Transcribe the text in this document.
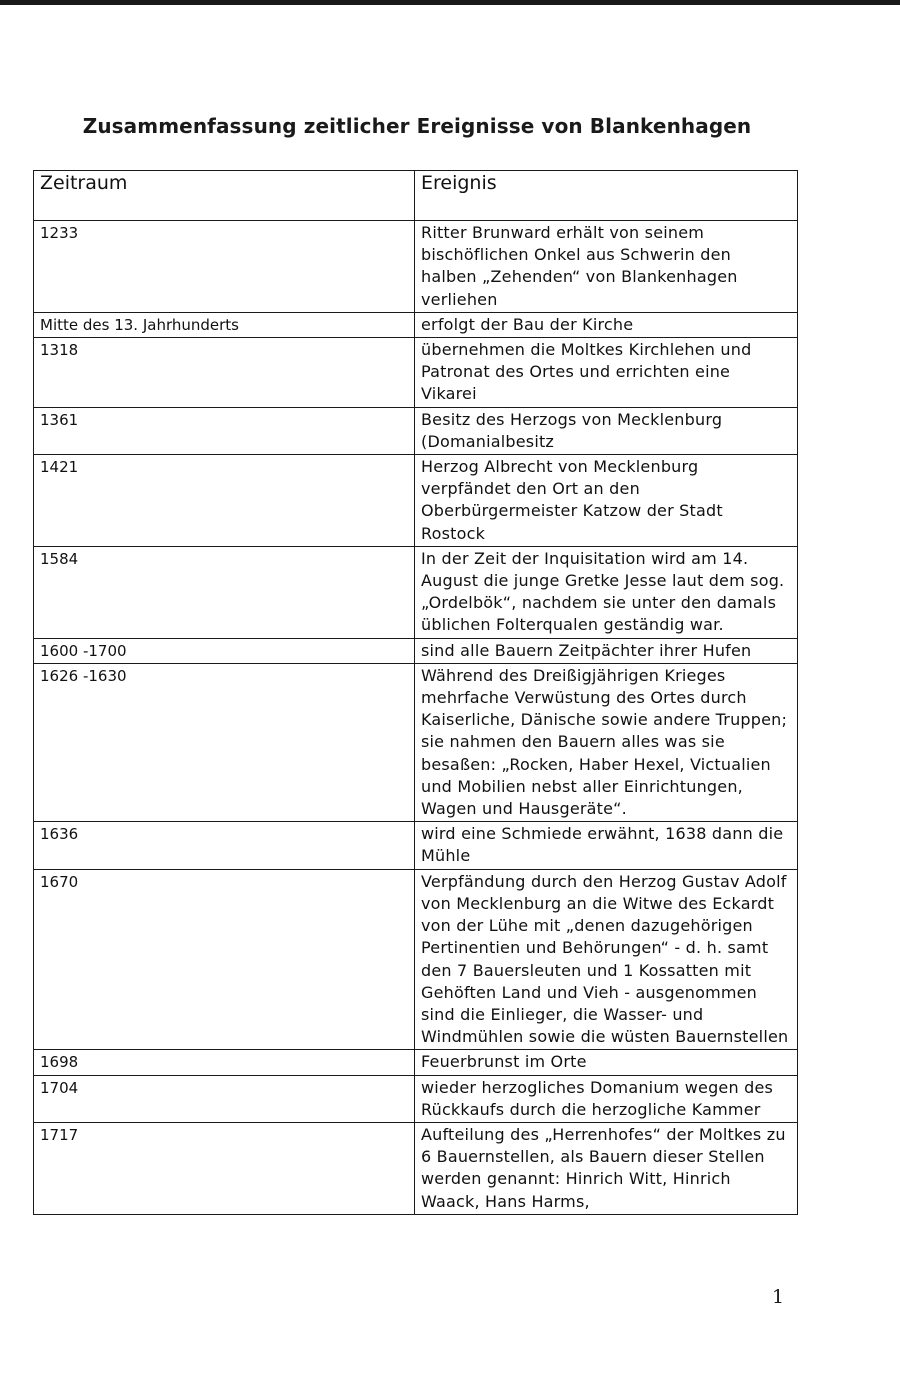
Zusammenfassung zeitlicher Ereignisse von Blankenhagen
Zeitraum	Ereignis
1233	Ritter Brunward erhält von seinem bischöflichen Onkel aus Schwerin den halben „Zehenden“ von Blankenhagen verliehen
Mitte des 13. Jahrhunderts	erfolgt der Bau der Kirche
1318	übernehmen die Moltkes Kirchlehen und Patronat des Ortes und errichten eine Vikarei
1361	Besitz des Herzogs von Mecklenburg (Domanialbesitz
1421	Herzog Albrecht von Mecklenburg verpfändet den Ort an den Oberbürgermeister Katzow der Stadt Rostock
1584	In der Zeit der Inquisitation wird am 14. August die junge Gretke Jesse laut dem sog. „Ordelbök“, nachdem sie unter den damals üblichen Folterqualen geständig war.
1600 -1700	sind alle Bauern Zeitpächter ihrer Hufen
1626 -1630	Während des Dreißigjährigen Krieges mehrfache Verwüstung des Ortes durch Kaiserliche, Dänische sowie andere Truppen; sie nahmen den Bauern alles was sie besaßen: „Rocken, Haber Hexel, Victualien und Mobilien nebst aller Einrichtungen, Wagen und Hausgeräte“.
1636	wird eine Schmiede erwähnt, 1638 dann die Mühle
1670	Verpfändung durch den Herzog Gustav Adolf von Mecklenburg an die Witwe des Eckardt von der Lühe mit „denen dazugehörigen Pertinentien und Behörungen“ - d. h. samt den 7 Bauersleuten und 1 Kossatten mit Gehöften Land und Vieh - ausgenommen sind die Einlieger, die Wasser- und Windmühlen sowie die wüsten Bauernstellen
1698	Feuerbrunst im Orte
1704	wieder herzogliches Domanium wegen des Rückkaufs durch die herzogliche Kammer
1717	Aufteilung des „Herrenhofes“ der Moltkes zu 6 Bauernstellen, als Bauern dieser Stellen werden genannt: Hinrich Witt, Hinrich Waack, Hans Harms,
1
